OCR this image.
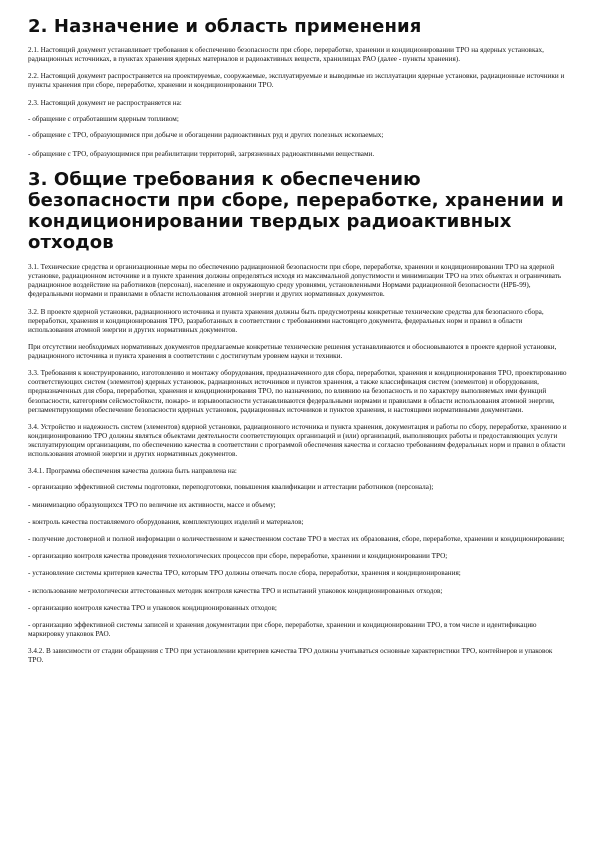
2. Назначение и область применения

2.1. Настоящий документ устанавливает требования к обеспечению безопасности при сборе, переработке, хранении и кондиционировании ТРО на ядерных установках, радиационных источниках, в пунктах хранения ядерных материалов и радиоактивных веществ, хранилищах РАО (далее - пункты хранения).

2.2. Настоящий документ распространяется на проектируемые, сооружаемые, эксплуатируемые и выводимые из эксплуатации ядерные установки, радиационные источники и пункты хранения при сборе, переработке, хранении и кондиционировании ТРО.

2.3. Настоящий документ не распространяется на:

- обращение с отработавшим ядерным топливом;

- обращение с ТРО, образующимися при добыче и обогащении радиоактивных руд и других полезных ископаемых;

- обращение с ТРО, образующимися при реабилитации территорий, загрязненных радиоактивными веществами.

3. Общие требования к обеспечению безопасности при сборе, переработке, хранении и кондиционировании твердых радиоактивных отходов

3.1. Технические средства и организационные меры по обеспечению радиационной безопасности при сборе, переработке, хранении и кондиционировании ТРО на ядерной установке, радиационном источнике и в пункте хранения должны определяться исходя из максимальной допустимости и минимизации ТРО на этих объектах и ограничивать радиационное воздействие на работников (персонал), население и окружающую среду уровнями, установленными Нормами радиационной безопасности (НРБ-99), федеральными нормами и правилами в области использования атомной энергии и других нормативных документов.

3.2. В проекте ядерной установки, радиационного источника и пункта хранения должны быть предусмотрены конкретные технические средства для безопасного сбора, переработки, хранения и кондиционирования ТРО, разработанных в соответствии с требованиями настоящего документа, федеральных норм и правил в области использования атомной энергии и других нормативных документов.

При отсутствии необходимых нормативных документов предлагаемые конкретные технические решения устанавливаются и обосновываются в проекте ядерной установки, радиационного источника и пункта хранения в соответствии с достигнутым уровнем науки и техники.

3.3. Требования к конструированию, изготовлению и монтажу оборудования, предназначенного для сбора, переработки, хранения и кондиционирования ТРО, проектированию соответствующих систем (элементов) ядерных установок, радиационных источников и пунктов хранения, а также классификация систем (элементов) и оборудования, предназначенных для сбора, переработки, хранения и кондиционирования ТРО, по назначению, по влиянию на безопасность и по характеру выполняемых ими функций безопасности, категориям сейсмостойкости, пожаро- и взрывоопасности устанавливаются федеральными нормами и правилами в области использования атомной энергии, регламентирующими обеспечение безопасности ядерных установок, радиационных источников и пунктов хранения, и настоящими нормативными документами.

3.4. Устройство и надежность систем (элементов) ядерной установки, радиационного источника и пункта хранения, документация и работы по сбору, переработке, хранению и кондиционированию ТРО должны являться объектами деятельности соответствующих организаций и (или) организаций, выполняющих работы и предоставляющих услуги эксплуатирующим организациям, по обеспечению качества в соответствии с программой обеспечения качества и согласно требованиям федеральных норм и правил в области использования атомной энергии и других нормативных документов.

3.4.1. Программа обеспечения качества должна быть направлена на:

- организацию эффективной системы подготовки, переподготовки, повышения квалификации и аттестации работников (персонала);

- минимизацию образующихся ТРО по величине их активности, массе и объему;

- контроль качества поставляемого оборудования, комплектующих изделий и материалов;

- получение достоверной и полной информации о количественном и качественном составе ТРО в местах их образования, сборе, переработке, хранении и кондиционировании;

- организацию контроля качества проведения технологических процессов при сборе, переработке, хранении и кондиционировании ТРО;

- установление системы критериев качества ТРО, которым ТРО должны отвечать после сбора, переработки, хранения и кондиционирования;

- использование метрологически аттестованных методик контроля качества ТРО и испытаний упаковок кондиционированных отходов;

- организацию контроля качества ТРО и упаковок кондиционированных отходов;

- организацию эффективной системы записей и хранения документации при сборе, переработке, хранении и кондиционировании ТРО, в том числе и идентификацию маркировку упаковок РАО.

3.4.2. В зависимости от стадии обращения с ТРО при установлении критериев качества ТРО должны учитываться основные характеристики ТРО, контейнеров и упаковок ТРО.
